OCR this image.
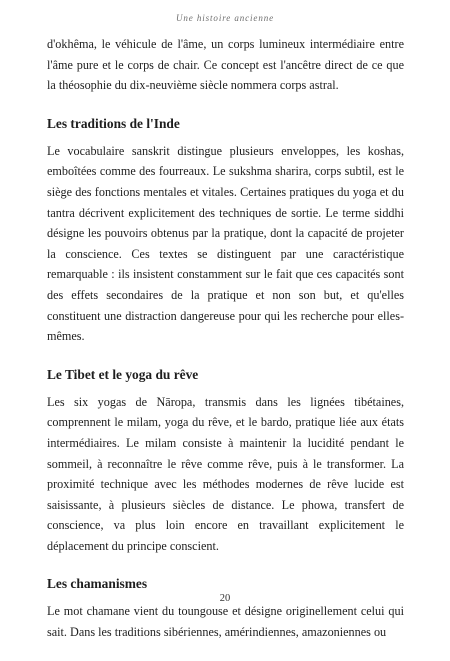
Une histoire ancienne

d'okhêma, le véhicule de l'âme, un corps lumineux intermédiaire entre l'âme pure et le corps de chair. Ce concept est l'ancêtre direct de ce que la théosophie du dix-neuvième siècle nommera corps astral.

Les traditions de l'Inde

Le vocabulaire sanskrit distingue plusieurs enveloppes, les koshas, emboîtées comme des fourreaux. Le sukshma sharira, corps subtil, est le siège des fonctions mentales et vitales. Certaines pratiques du yoga et du tantra décrivent explicitement des techniques de sortie. Le terme siddhi désigne les pouvoirs obtenus par la pratique, dont la capacité de projeter la conscience. Ces textes se distinguent par une caractéristique remarquable : ils insistent constamment sur le fait que ces capacités sont des effets secondaires de la pratique et non son but, et qu'elles constituent une distraction dangereuse pour qui les recherche pour elles-mêmes.

Le Tibet et le yoga du rêve

Les six yogas de Nāropa, transmis dans les lignées tibétaines, comprennent le milam, yoga du rêve, et le bardo, pratique liée aux états intermédiaires. Le milam consiste à maintenir la lucidité pendant le sommeil, à reconnaître le rêve comme rêve, puis à le transformer. La proximité technique avec les méthodes modernes de rêve lucide est saisissante, à plusieurs siècles de distance. Le phowa, transfert de conscience, va plus loin encore en travaillant explicitement le déplacement du principe conscient.

Les chamanismes

Le mot chamane vient du toungouse et désigne originellement celui qui sait. Dans les traditions sibériennes, amérindiennes, amazoniennes ou

20
